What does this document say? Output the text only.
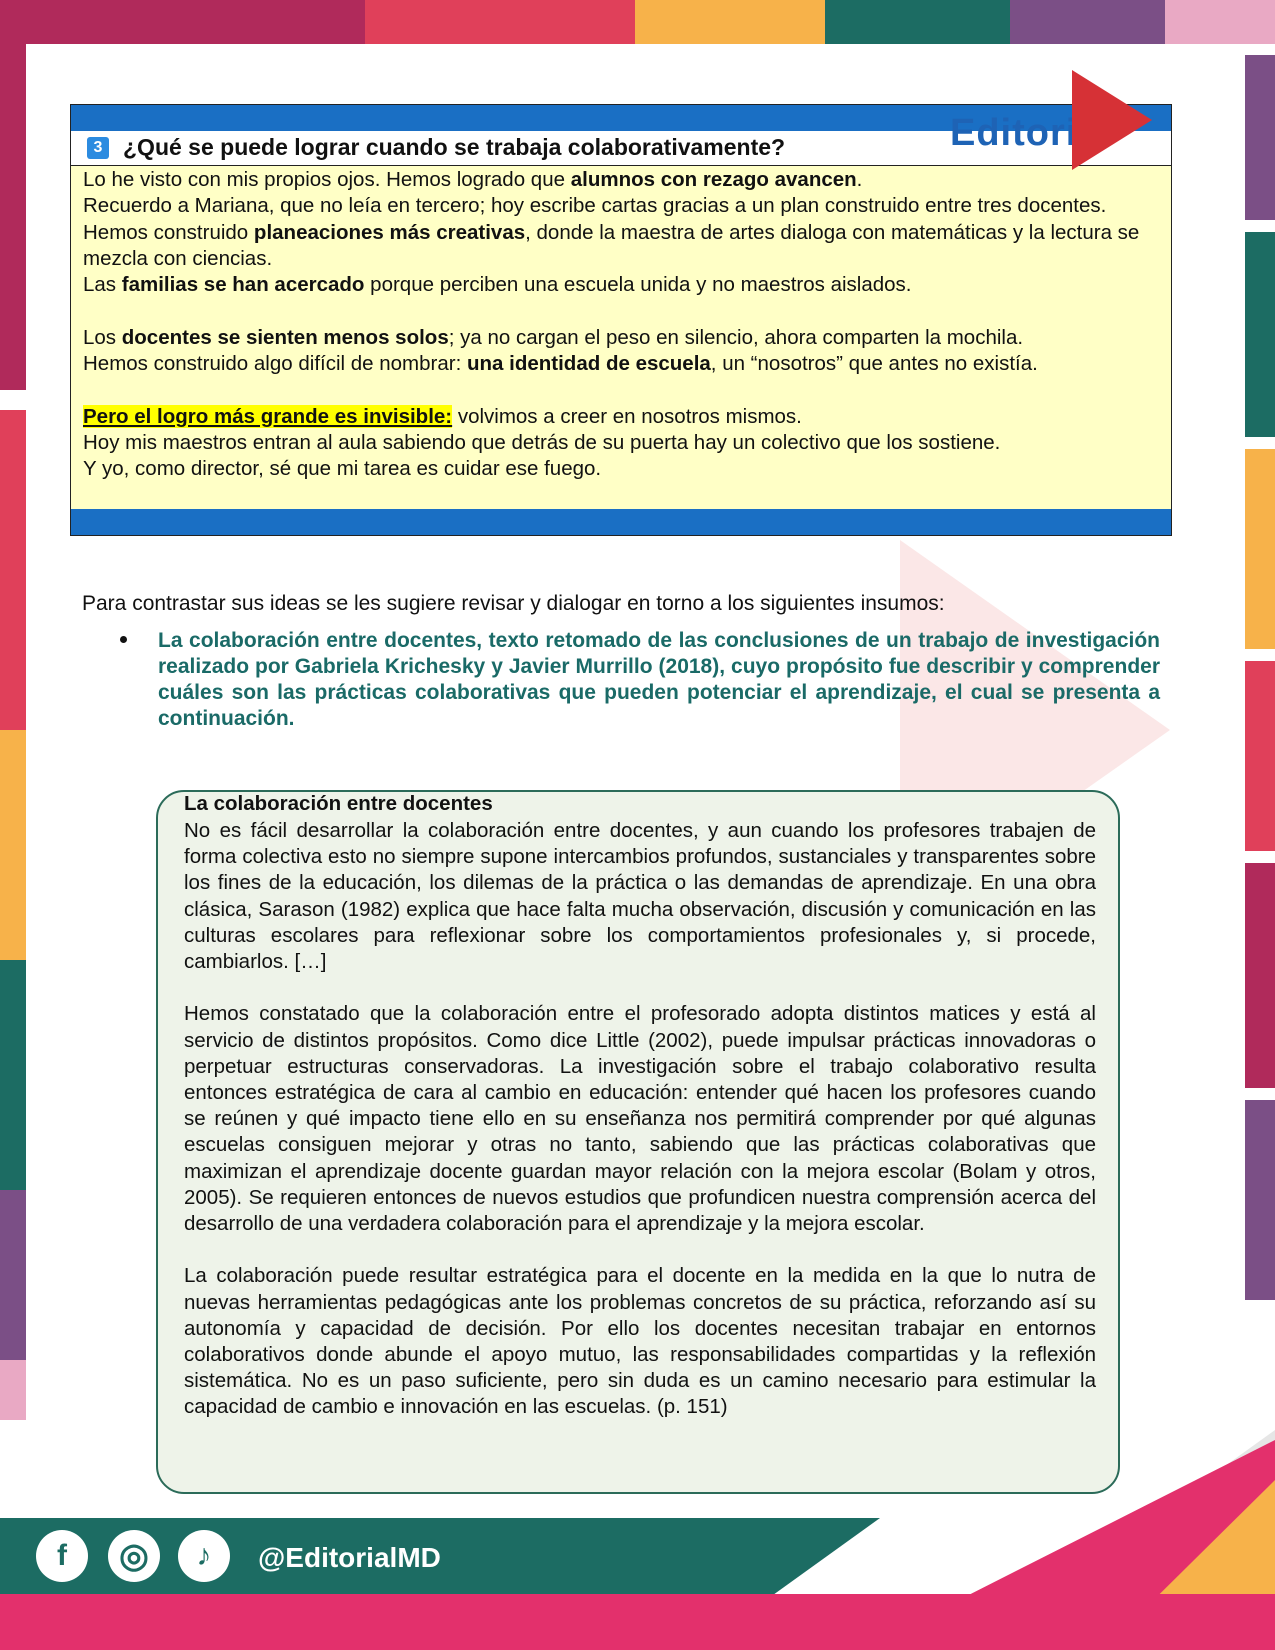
3 ¿Qué se puede lograr cuando se trabaja colaborativamente?

Lo he visto con mis propios ojos. Hemos logrado que alumnos con rezago avancen.

Recuerdo a Mariana, que no leía en tercero; hoy escribe cartas gracias a un plan construido entre tres docentes.

Hemos construido planeaciones más creativas, donde la maestra de artes dialoga con matemáticas y la lectura se mezcla con ciencias.

Las familias se han acercado porque perciben una escuela unida y no maestros aislados.

Los docentes se sienten menos solos; ya no cargan el peso en silencio, ahora comparten la mochila.

Hemos construido algo difícil de nombrar: una identidad de escuela, un “nosotros” que antes no existía.

Pero el logro más grande es invisible: volvimos a creer en nosotros mismos.

Hoy mis maestros entran al aula sabiendo que detrás de su puerta hay un colectivo que los sostiene.

Y yo, como director, sé que mi tarea es cuidar ese fuego.

Editorial
Para contrastar sus ideas se les sugiere revisar y dialogar en torno a los siguientes insumos:
La colaboración entre docentes, texto retomado de las conclusiones de un trabajo de investigación realizado por Gabriela Krichesky y Javier Murrillo (2018), cuyo propósito fue describir y comprender cuáles son las prácticas colaborativas que pueden potenciar el aprendizaje, el cual se presenta a continuación.
La colaboración entre docentes

No es fácil desarrollar la colaboración entre docentes, y aun cuando los profesores trabajen de forma colectiva esto no siempre supone intercambios profundos, sustanciales y transparentes sobre los fines de la educación, los dilemas de la práctica o las demandas de aprendizaje. En una obra clásica, Sarason (1982) explica que hace falta mucha observación, discusión y comunicación en las culturas escolares para reflexionar sobre los comportamientos profesionales y, si procede, cambiarlos. […]

Hemos constatado que la colaboración entre el profesorado adopta distintos matices y está al servicio de distintos propósitos. Como dice Little (2002), puede impulsar prácticas innovadoras o perpetuar estructuras conservadoras. La investigación sobre el trabajo colaborativo resulta entonces estratégica de cara al cambio en educación: entender qué hacen los profesores cuando se reúnen y qué impacto tiene ello en su enseñanza nos permitirá comprender por qué algunas escuelas consiguen mejorar y otras no tanto, sabiendo que las prácticas colaborativas que maximizan el aprendizaje docente guardan mayor relación con la mejora escolar (Bolam y otros, 2005). Se requieren entonces de nuevos estudios que profundicen nuestra comprensión acerca del desarrollo de una verdadera colaboración para el aprendizaje y la mejora escolar.

La colaboración puede resultar estratégica para el docente en la medida en la que lo nutra de nuevas herramientas pedagógicas ante los problemas concretos de su práctica, reforzando así su autonomía y capacidad de decisión. Por ello los docentes necesitan trabajar en entornos colaborativos donde abunde el apoyo mutuo, las responsabilidades compartidas y la reflexión sistemática. No es un paso suficiente, pero sin duda es un camino necesario para estimular la capacidad de cambio e innovación en las escuelas. (p. 151)

f	◎	♪	@EditorialMD
